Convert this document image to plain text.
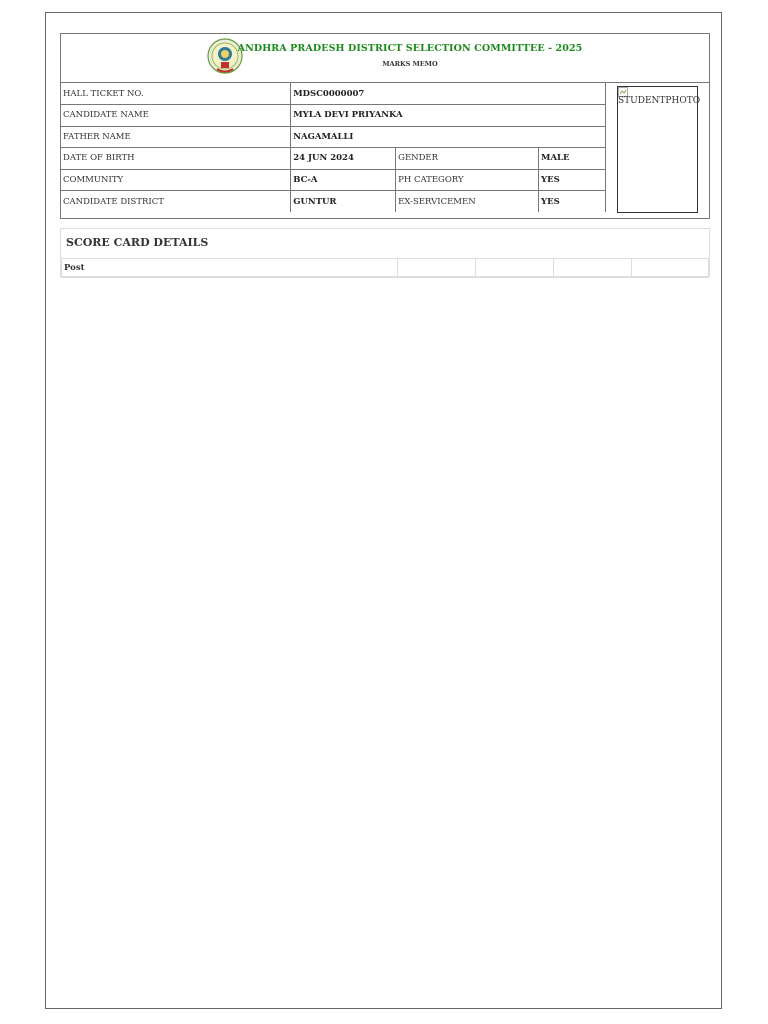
ANDHRA PRADESH DISTRICT SELECTION COMMITTEE - 2025
MARKS MEMO
HALL TICKET NO.	MDSC0000007		
CANDIDATE NAME	MYLA DEVI PRIYANKA		
FATHER NAME	NAGAMALLI		
DATE OF BIRTH	24 JUN 2024	GENDER	MALE
COMMUNITY	BC-A	PH CATEGORY	YES
CANDIDATE DISTRICT	GUNTUR	EX-SERVICEMEN	YES
STUDENTPHOTO
SCORE CARD DETAILS
Post				
